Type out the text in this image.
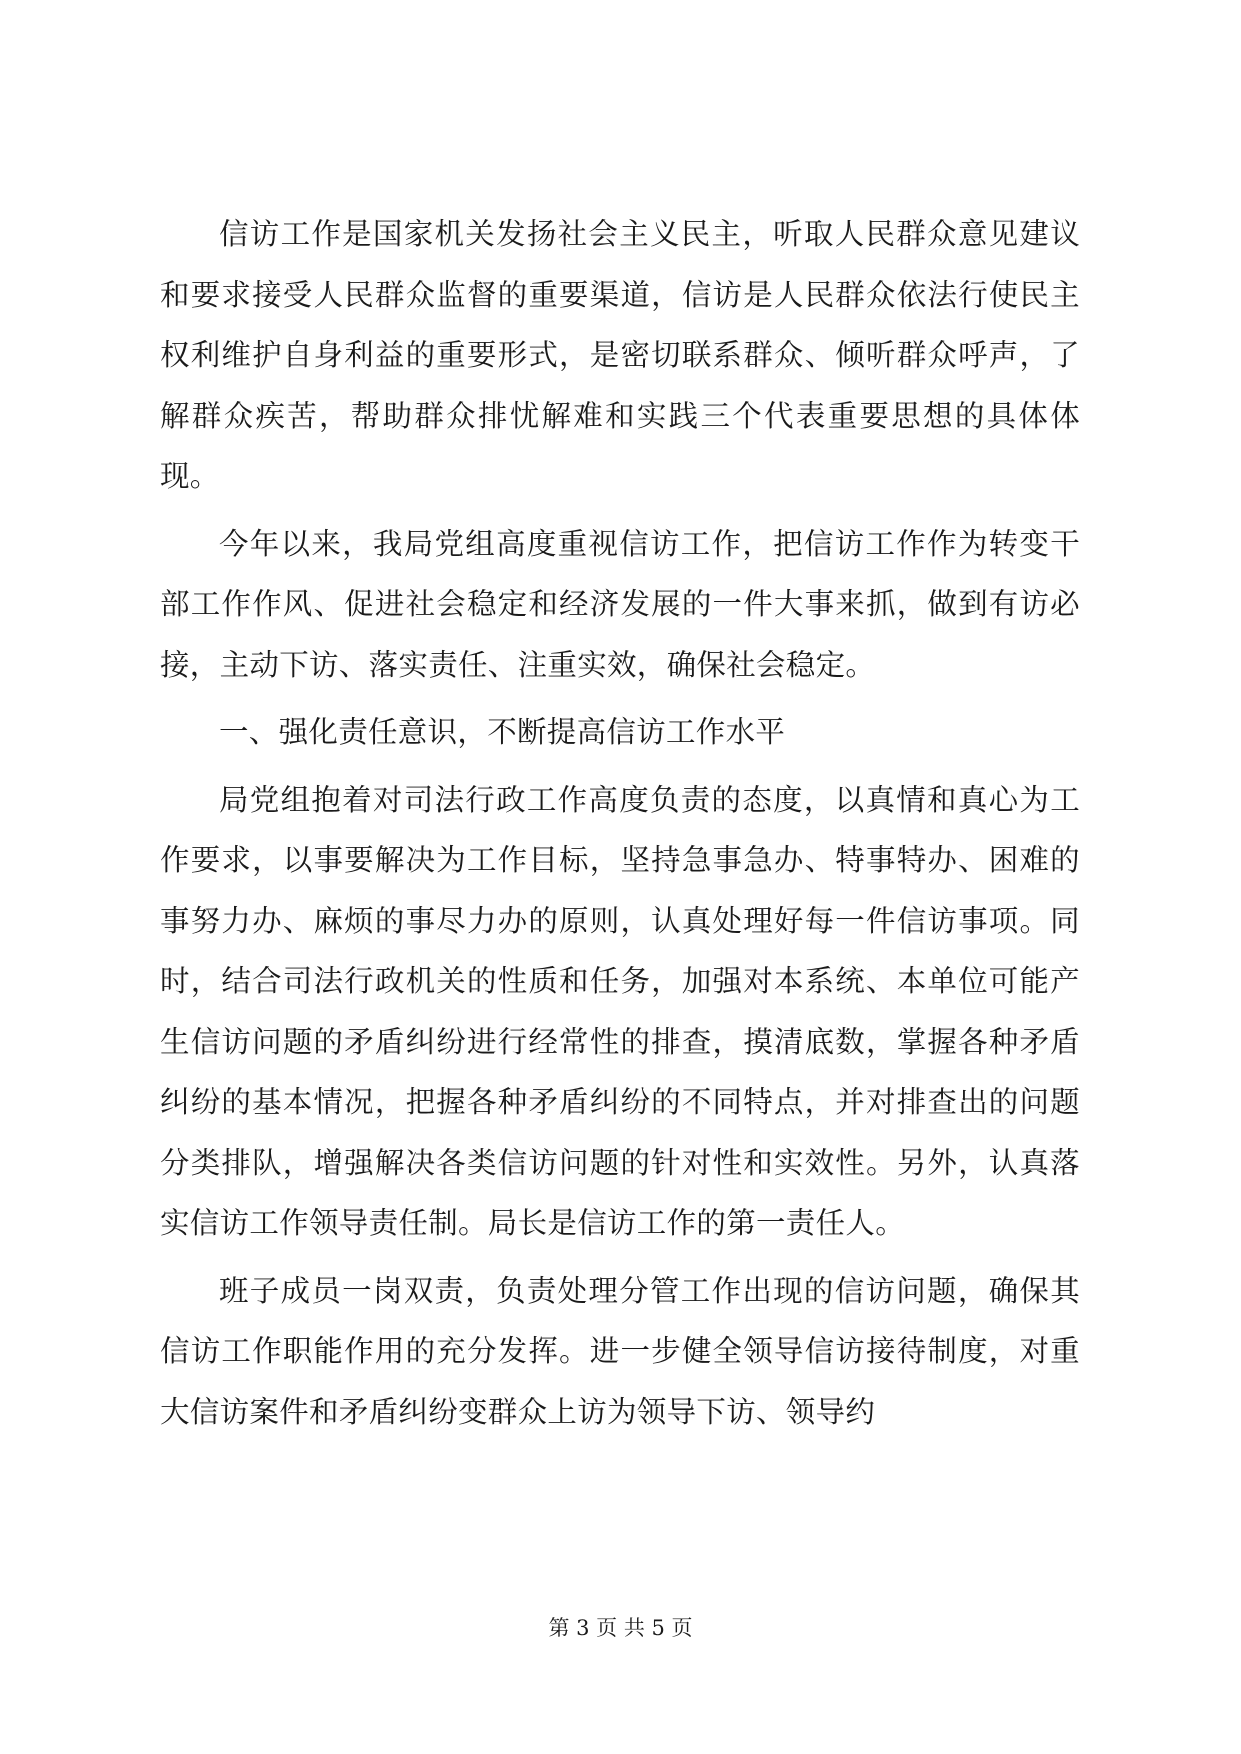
信访工作是国家机关发扬社会主义民主，听取人民群众意见建议和要求接受人民群众监督的重要渠道，信访是人民群众依法行使民主权利维护自身利益的重要形式，是密切联系群众、倾听群众呼声，了解群众疾苦，帮助群众排忧解难和实践三个代表重要思想的具体体现。

今年以来，我局党组高度重视信访工作，把信访工作作为转变干部工作作风、促进社会稳定和经济发展的一件大事来抓，做到有访必接，主动下访、落实责任、注重实效，确保社会稳定。

一、强化责任意识，不断提高信访工作水平

局党组抱着对司法行政工作高度负责的态度，以真情和真心为工作要求，以事要解决为工作目标，坚持急事急办、特事特办、困难的事努力办、麻烦的事尽力办的原则，认真处理好每一件信访事项。同时，结合司法行政机关的性质和任务，加强对本系统、本单位可能产生信访问题的矛盾纠纷进行经常性的排查，摸清底数，掌握各种矛盾纠纷的基本情况，把握各种矛盾纠纷的不同特点，并对排查出的问题分类排队，增强解决各类信访问题的针对性和实效性。另外，认真落实信访工作领导责任制。局长是信访工作的第一责任人。

班子成员一岗双责，负责处理分管工作出现的信访问题，确保其信访工作职能作用的充分发挥。进一步健全领导信访接待制度，对重大信访案件和矛盾纠纷变群众上访为领导下访、领导约

第 3 页 共 5 页
